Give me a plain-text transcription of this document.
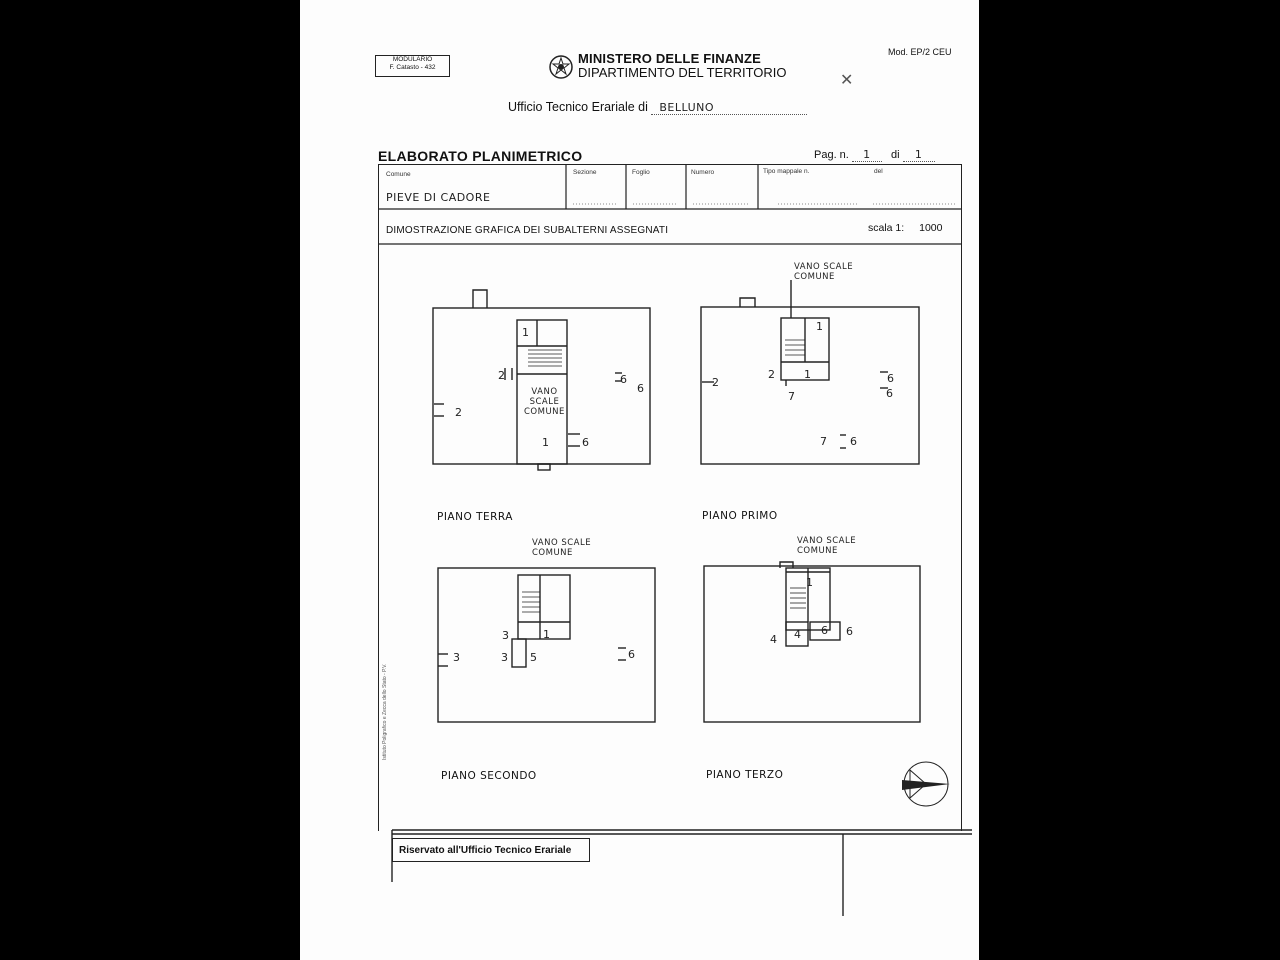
MODULARIO
F. Catasto - 432
MINISTERO DELLE FINANZE
DIPARTIMENTO DEL TERRITORIO
Mod. EP/2 CEU
✕
Ufficio Tecnico Erariale di BELLUNO
ELABORATO PLANIMETRICO	Pag. n. 1 di 1
Comune
PIEVE DI CADORE
Sezione	Foglio	Numero	Tipo mappale n.	del
DIMOSTRAZIONE GRAFICA DEI SUBALTERNI ASSEGNATI	scala 1: 1000
VANO
SCALE
COMUNE
VANO SCALE
COMUNE
VANO SCALE
COMUNE
VANO SCALE
COMUNE
1
2
2
1	6
6
6
1
2	1
7
2	6
6
7 6
3	1
3 5
3	6
1
4 4 6 6
PIANO TERRA	PIANO PRIMO
PIANO SECONDO	PIANO TERZO
Riservato all'Ufficio Tecnico Erariale
Istituto Poligrafico e Zecca dello Stato - P.V.
